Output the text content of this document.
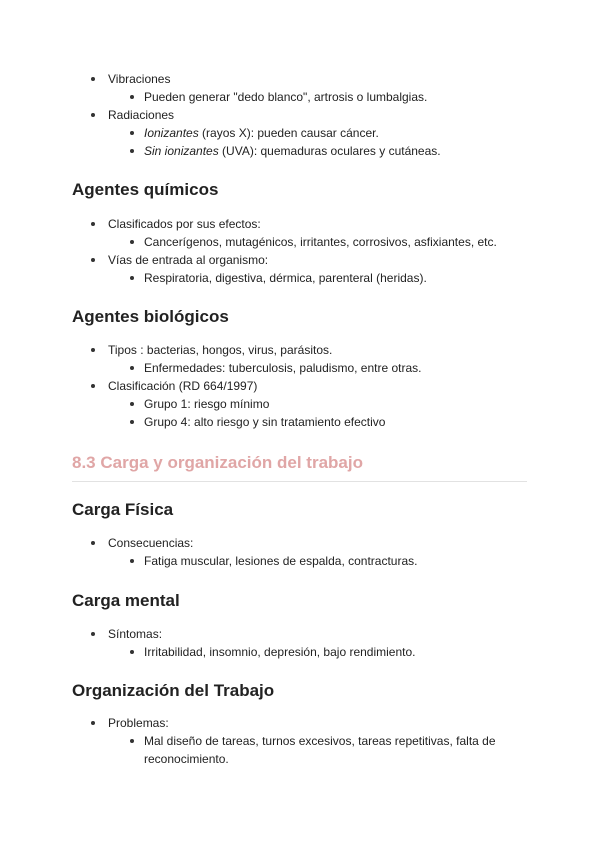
Vibraciones
Pueden generar "dedo blanco", artrosis o lumbalgias.
Radiaciones
Ionizantes (rayos X): pueden causar cáncer.
Sin ionizantes (UVA): quemaduras oculares y cutáneas.
Agentes químicos
Clasificados por sus efectos:
Cancerígenos, mutagénicos, irritantes, corrosivos, asfixiantes, etc.
Vías de entrada al organismo:
Respiratoria, digestiva, dérmica, parenteral (heridas).
Agentes biológicos
Tipos : bacterias, hongos, virus, parásitos.
Enfermedades: tuberculosis, paludismo, entre otras.
Clasificación (RD 664/1997)
Grupo 1: riesgo mínimo
Grupo 4: alto riesgo y sin tratamiento efectivo
8.3 Carga y organización del trabajo
Carga Física
Consecuencias:
Fatiga muscular, lesiones de espalda, contracturas.
Carga mental
Síntomas:
Irritabilidad, insomnio, depresión, bajo rendimiento.
Organización del Trabajo
Problemas:
Mal diseño de tareas, turnos excesivos, tareas repetitivas, falta de reconocimiento.
